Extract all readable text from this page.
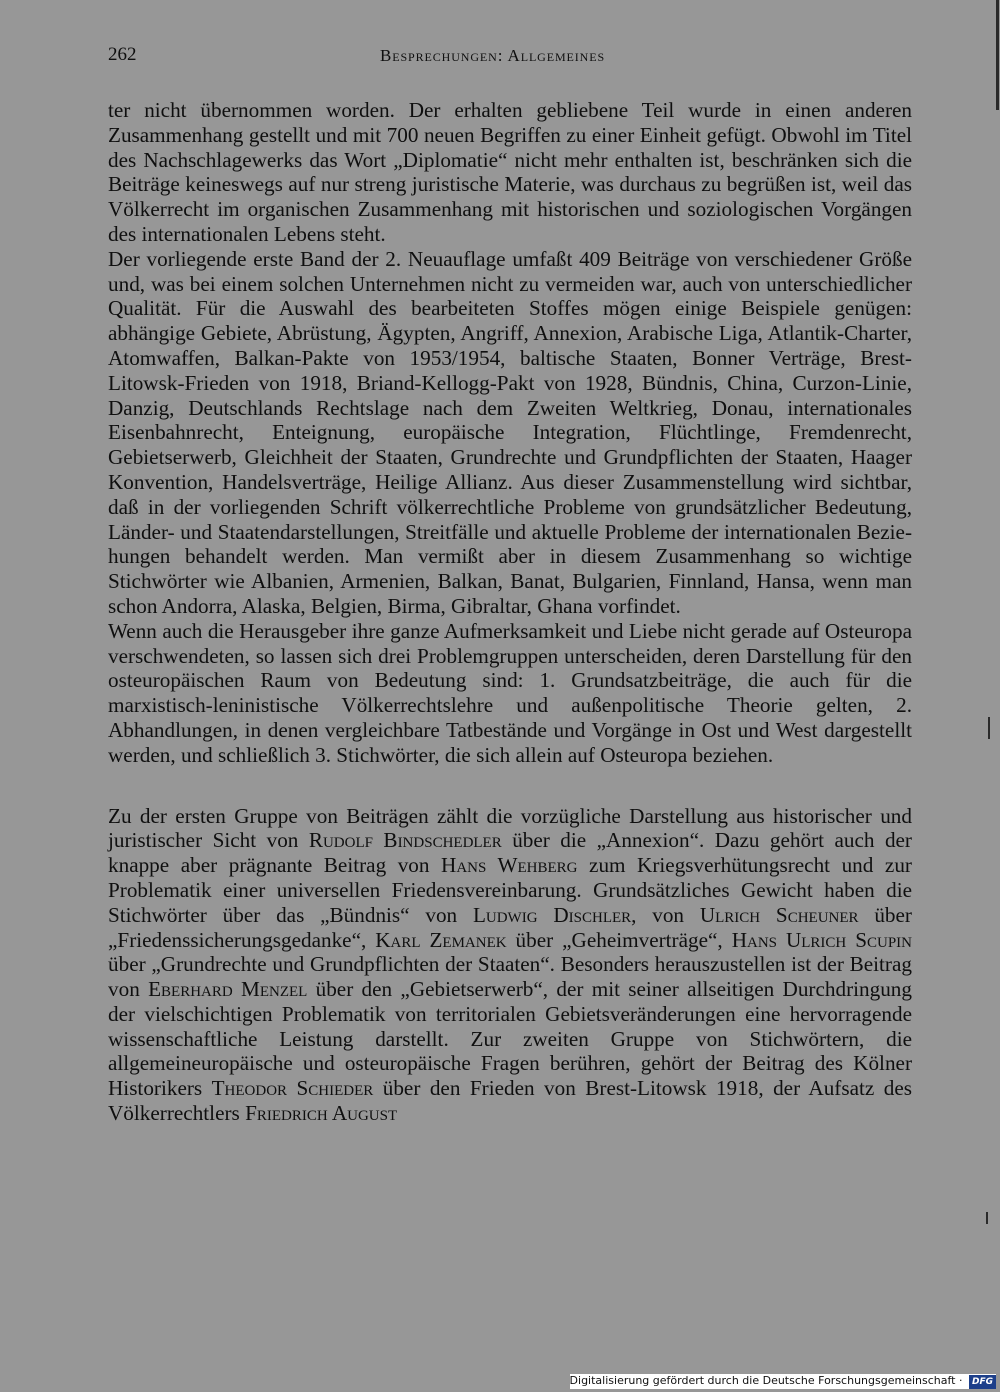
262	Besprechungen: Allgemeines

ter nicht übernommen worden. Der erhalten gebliebene Teil wurde in einen anderen Zusammenhang gestellt und mit 700 neuen Begriffen zu einer Einheit gefügt. Obwohl im Titel des Nachschlagewerks das Wort „Diplomatie“ nicht mehr enthalten ist, beschränken sich die Beiträge keineswegs auf nur streng juristische Materie, was durchaus zu begrüßen ist, weil das Völkerrecht im organischen Zusammenhang mit historischen und soziologischen Vorgängen des internationalen Lebens steht.

Der vorliegende erste Band der 2. Neuauflage umfaßt 409 Beiträge von verschiedener Größe und, was bei einem solchen Unternehmen nicht zu vermeiden war, auch von unterschiedlicher Qualität. Für die Auswahl des bearbeiteten Stoffes mögen einige Beispiele genügen: abhängige Gebiete, Abrüstung, Ägypten, Angriff, Annexion, Arabische Liga, Atlantik-Charter, Atomwaffen, Balkan-Pakte von 1953/1954, baltische Staaten, Bonner Verträge, Brest-Litowsk-Frieden von 1918, Briand-Kellogg-Pakt von 1928, Bündnis, China, Curzon-Linie, Danzig, Deutschlands Rechtslage nach dem Zweiten Weltkrieg, Donau, internationales Eisenbahnrecht, Enteignung, europäische Integration, Flüchtlinge, Fremdenrecht, Gebietserwerb, Gleichheit der Staaten, Grundrechte und Grundpflichten der Staaten, Haager Konvention, Handelsverträge, Heilige Allianz. Aus dieser Zusammenstellung wird sichtbar, daß in der vorliegenden Schrift völkerrechtliche Probleme von grundsätzlicher Bedeutung, Länder- und Staatendarstellungen, Streitfälle und aktuelle Probleme der internationalen Beziehungen behandelt werden. Man vermißt aber in diesem Zusammenhang so wichtige Stichwörter wie Albanien, Armenien, Balkan, Banat, Bulgarien, Finnland, Hansa, wenn man schon Andorra, Alaska, Belgien, Birma, Gibraltar, Ghana vorfindet.

Wenn auch die Herausgeber ihre ganze Aufmerksamkeit und Liebe nicht gerade auf Osteuropa verschwendeten, so lassen sich drei Problemgruppen unterscheiden, deren Darstellung für den osteuropäischen Raum von Bedeutung sind: 1. Grundsatzbeiträge, die auch für die marxistisch-leninistische Völkerrechtslehre und außenpolitische Theorie gelten, 2. Abhandlungen, in denen vergleichbare Tatbestände und Vorgänge in Ost und West dargestellt werden, und schließlich 3. Stichwörter, die sich allein auf Osteuropa beziehen.

Zu der ersten Gruppe von Beiträgen zählt die vorzügliche Darstellung aus historischer und juristischer Sicht von Rudolf Bindschedler über die „Annexion“. Dazu gehört auch der knappe aber prägnante Beitrag von Hans Wehberg zum Kriegsverhütungsrecht und zur Problematik einer universellen Friedensvereinbarung. Grundsätzliches Gewicht haben die Stichwörter über das „Bündnis“ von Ludwig Dischler, von Ulrich Scheuner über „Friedenssicherungsgedanke“, Karl Zemanek über „Geheimverträge“, Hans Ulrich Scupin über „Grundrechte und Grundpflichten der Staaten“. Besonders herauszustellen ist der Beitrag von Eberhard Menzel über den „Gebietserwerb“, der mit seiner allseitigen Durchdringung der vielschichtigen Problematik von territorialen Gebietsveränderungen eine hervorragende wissenschaftliche Leistung darstellt. Zur zweiten Gruppe von Stichwörtern, die allgemeineuropäische und osteuropäische Fragen berühren, gehört der Beitrag des Kölner Historikers Theodor Schieder über den Frieden von Brest-Litowsk 1918, der Aufsatz des Völkerrechtlers Friedrich August

Digitalisierung gefördert durch die Deutsche Forschungsgemeinschaft · DFG
